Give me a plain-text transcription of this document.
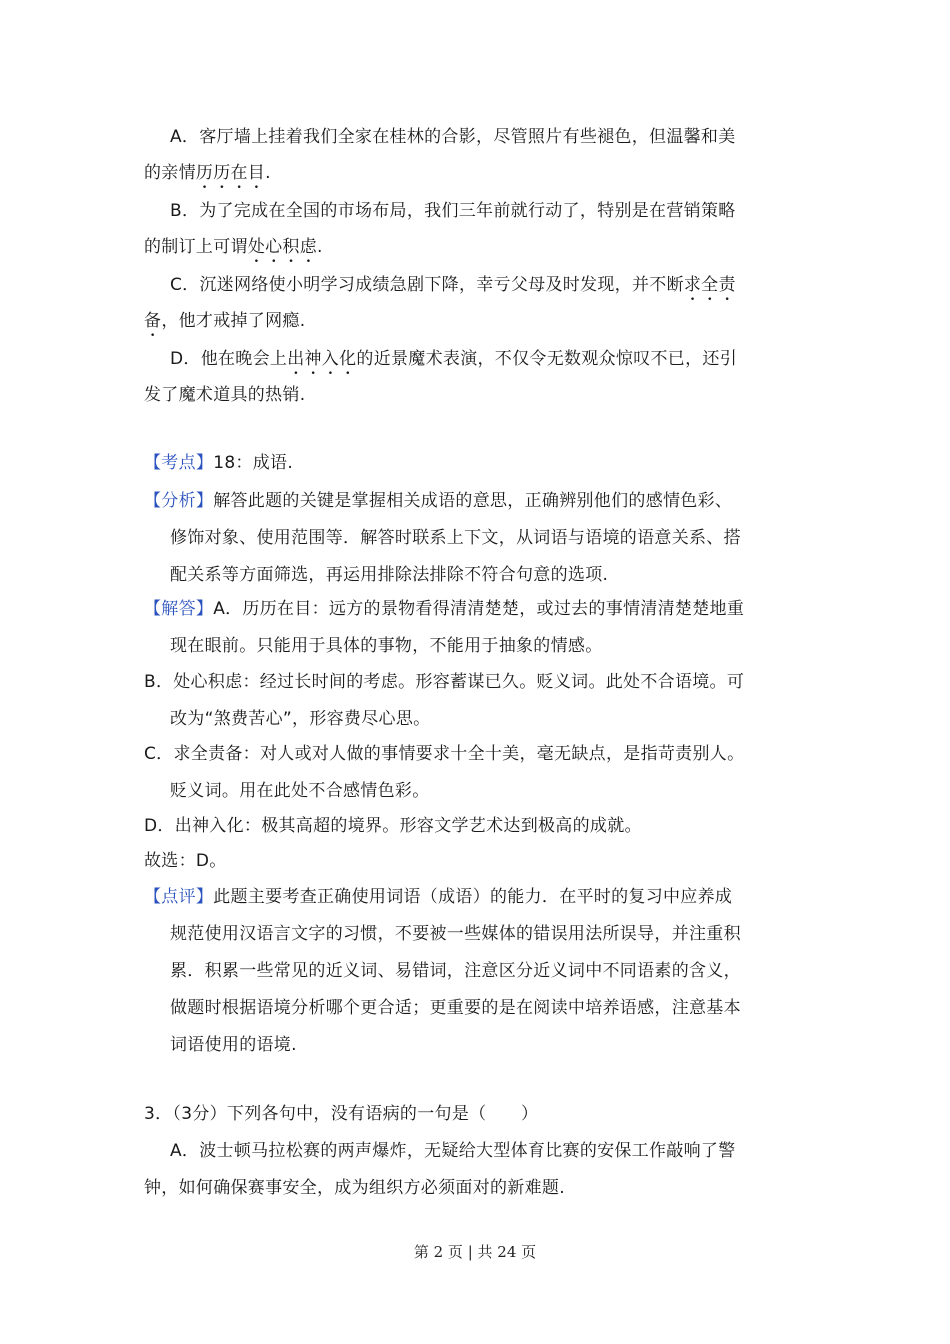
A．客厅墙上挂着我们全家在桂林的合影，尽管照片有些褪色，但温馨和美
的亲情历历在目.
B．为了完成在全国的市场布局，我们三年前就行动了，特别是在营销策略
的制订上可谓处心积虑.
C．沉迷网络使小明学习成绩急剧下降，幸亏父母及时发现，并不断求全责
备，他才戒掉了网瘾.
D．他在晚会上出神入化的近景魔术表演，不仅令无数观众惊叹不已，还引
发了魔术道具的热销.
【考点】18：成语.
【分析】解答此题的关键是掌握相关成语的意思，正确辨别他们的感情色彩、
修饰对象、使用范围等．解答时联系上下文，从词语与语境的语意关系、搭
配关系等方面筛选，再运用排除法排除不符合句意的选项.
【解答】A．历历在目：远方的景物看得清清楚楚，或过去的事情清清楚楚地重
现在眼前。只能用于具体的事物，不能用于抽象的情感。
B．处心积虑：经过长时间的考虑。形容蓄谋已久。贬义词。此处不合语境。可
改为“煞费苦心”，形容费尽心思。
C．求全责备：对人或对人做的事情要求十全十美，毫无缺点，是指苛责别人。
贬义词。用在此处不合感情色彩。
D．出神入化：极其高超的境界。形容文学艺术达到极高的成就。
故选：D。
【点评】此题主要考查正确使用词语（成语）的能力．在平时的复习中应养成
规范使用汉语言文字的习惯，不要被一些媒体的错误用法所误导，并注重积
累．积累一些常见的近义词、易错词，注意区分近义词中不同语素的含义，
做题时根据语境分析哪个更合适；更重要的是在阅读中培养语感，注意基本
词语使用的语境.
3．（3分）下列各句中，没有语病的一句是（　　）
A．波士顿马拉松赛的两声爆炸，无疑给大型体育比赛的安保工作敲响了警
钟，如何确保赛事安全，成为组织方必须面对的新难题.
第 2 页 | 共 24 页
